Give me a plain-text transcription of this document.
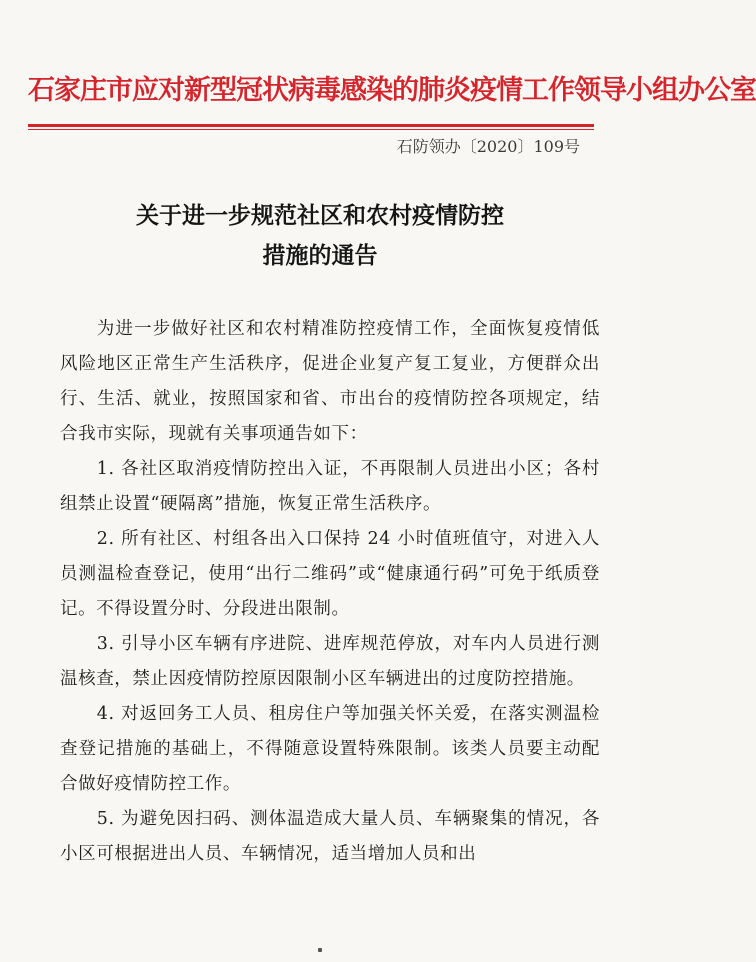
石家庄市应对新型冠状病毒感染的肺炎疫情工作领导小组办公室
石防领办〔2020〕109号
关于进一步规范社区和农村疫情防控
措施的通告

为进一步做好社区和农村精准防控疫情工作，全面恢复疫情低风险地区正常生产生活秩序，促进企业复产复工复业，方便群众出行、生活、就业，按照国家和省、市出台的疫情防控各项规定，结合我市实际，现就有关事项通告如下：

1. 各社区取消疫情防控出入证，不再限制人员进出小区；各村组禁止设置“硬隔离”措施，恢复正常生活秩序。

2. 所有社区、村组各出入口保持 24 小时值班值守，对进入人员测温检查登记，使用“出行二维码”或“健康通行码”可免于纸质登记。不得设置分时、分段进出限制。

3. 引导小区车辆有序进院、进库规范停放，对车内人员进行测温核查，禁止因疫情防控原因限制小区车辆进出的过度防控措施。

4. 对返回务工人员、租房住户等加强关怀关爱，在落实测温检查登记措施的基础上，不得随意设置特殊限制。该类人员要主动配合做好疫情防控工作。

5. 为避免因扫码、测体温造成大量人员、车辆聚集的情况，各小区可根据进出人员、车辆情况，适当增加人员和出
